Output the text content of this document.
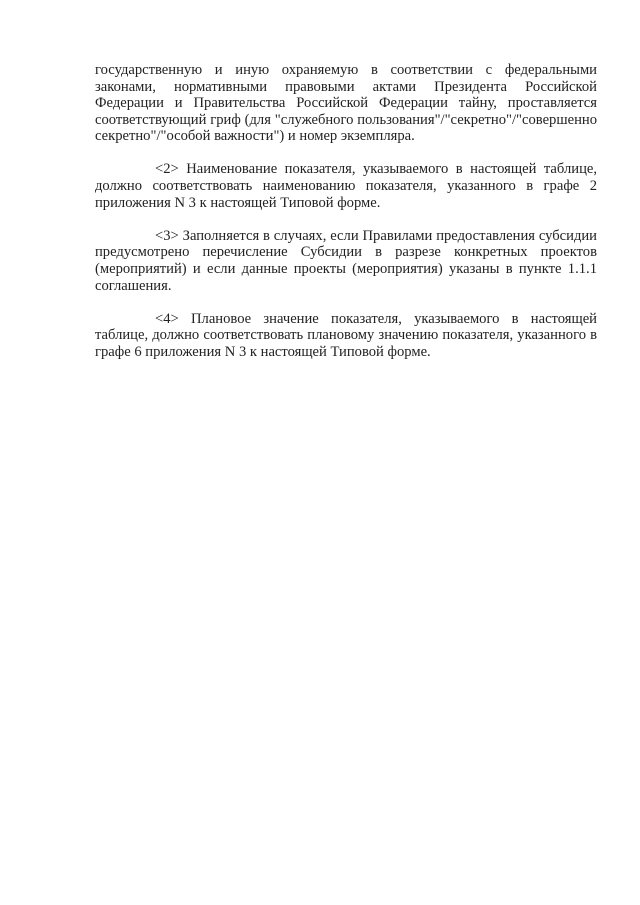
государственную и иную охраняемую в соответствии с федеральными законами, нормативными правовыми актами Президента Российской Федерации и Правительства Российской Федерации тайну, проставляется соответствующий гриф (для "служебного пользования"/"секретно"/"совершенно секретно"/"особой важности") и номер экземпляра.

<2> Наименование показателя, указываемого в настоящей таблице, должно соответствовать наименованию показателя, указанного в графе 2 приложения N 3 к настоящей Типовой форме.

<3> Заполняется в случаях, если Правилами предоставления субсидии предусмотрено перечисление Субсидии в разрезе конкретных проектов (мероприятий) и если данные проекты (мероприятия) указаны в пункте 1.1.1 соглашения.

<4> Плановое значение показателя, указываемого в настоящей таблице, должно соответствовать плановому значению показателя, указанного в графе 6 приложения N 3 к настоящей Типовой форме.
